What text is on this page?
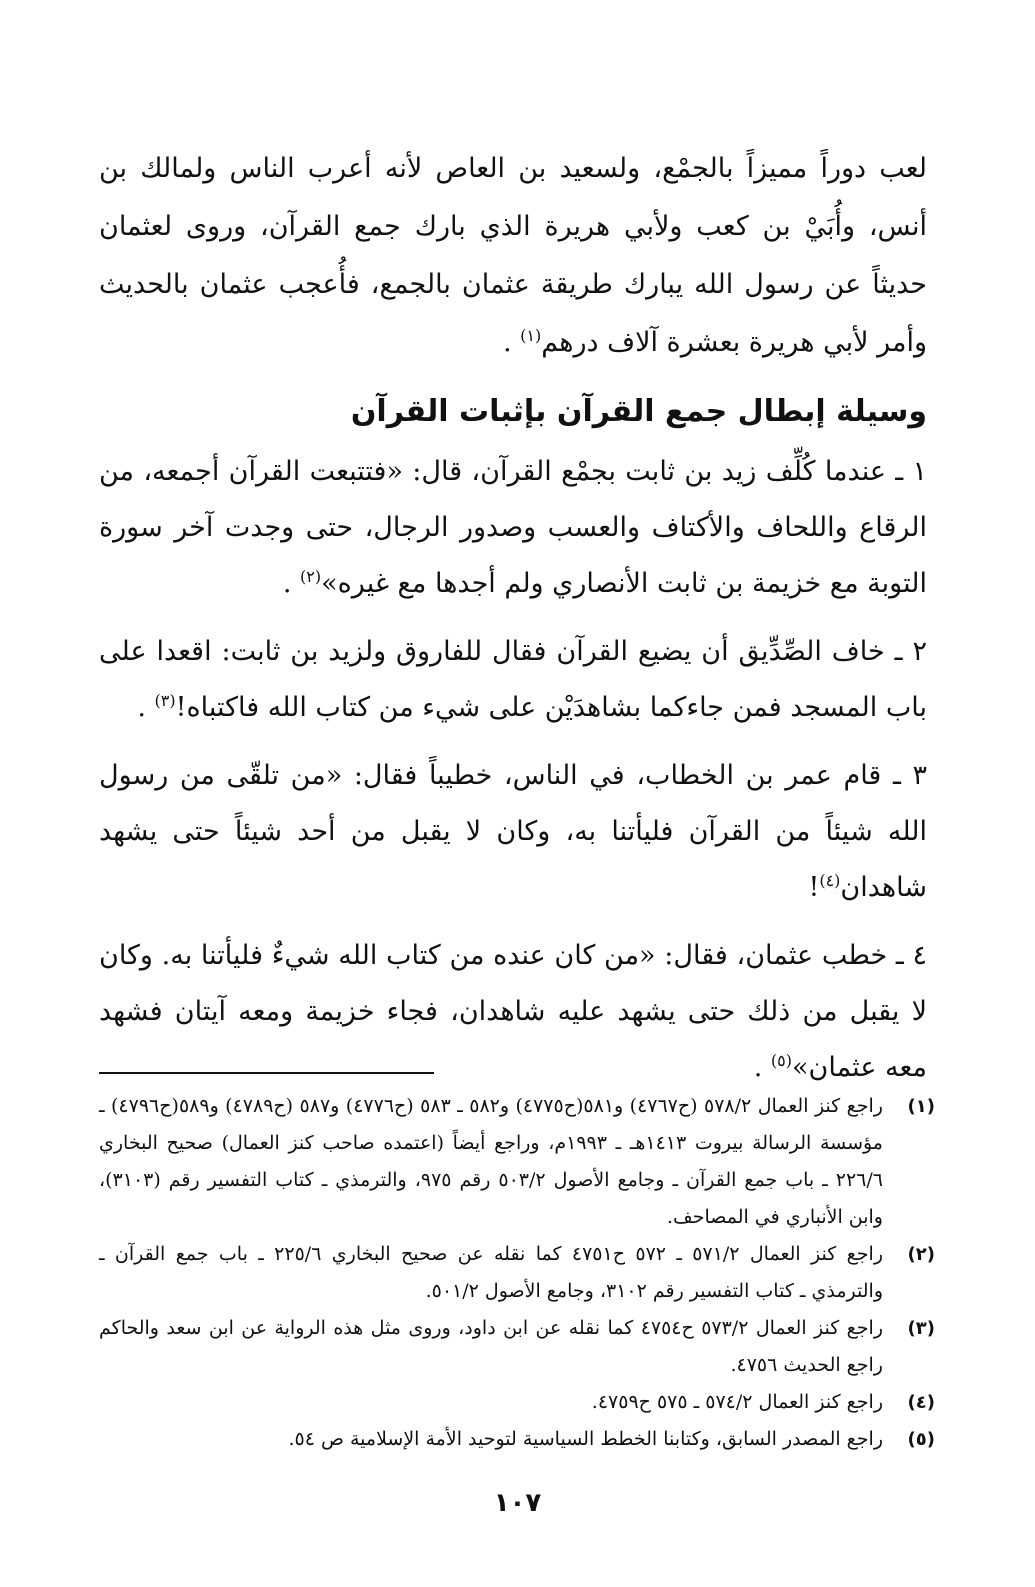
لعب دوراً مميزاً بالجمْع، ولسعيد بن العاص لأنه أعرب الناس ولمالك بن أنس، وأُبَيْ بن كعب ولأبي هريرة الذي بارك جمع القرآن، وروى لعثمان حديثاً عن رسول الله يبارك طريقة عثمان بالجمع، فأُعجب عثمان بالحديث وأمر لأبي هريرة بعشرة آلاف درهم$^{(١)}$ .

وسيلة إبطال جمع القرآن بإثبات القرآن

١ ـ عندما كُلِّف زيد بن ثابت بجمْع القرآن، قال: «فتتبعت القرآن أجمعه، من الرقاع واللحاف والأكتاف والعسب وصدور الرجال، حتى وجدت آخر سورة التوبة مع خزيمة بن ثابت الأنصاري ولم أجدها مع غيره»$^{(٢)}$ .

٢ ـ خاف الصِّدِّيق أن يضيع القرآن فقال للفاروق ولزيد بن ثابت: اقعدا على باب المسجد فمن جاءكما بشاهدَيْن على شيء من كتاب الله فاكتباه!$^{(٣)}$ .

٣ ـ قام عمر بن الخطاب، في الناس، خطيباً فقال: «من تلقّى من رسول الله شيئاً من القرآن فليأتنا به، وكان لا يقبل من أحد شيئاً حتى يشهد شاهدان$^{(٤)}$!

٤ ـ خطب عثمان، فقال: «من كان عنده من كتاب الله شيءٌ فليأتنا به. وكان لا يقبل من ذلك حتى يشهد عليه شاهدان، فجاء خزيمة ومعه آيتان فشهد معه عثمان»$^{(٥)}$ .

(١)
راجع كنز العمال ٥٧٨/٢ (ح٤٧٦٧) و٥٨١(ح٤٧٧٥) و٥٨٢ ـ ٥٨٣ (ح٤٧٧٦) و٥٨٧ (ح٤٧٨٩) و٥٨٩(ح٤٧٩٦) ـ مؤسسة الرسالة بيروت ١٤١٣هـ ـ ١٩٩٣م، وراجع أيضاً (اعتمده صاحب كنز العمال) صحيح البخاري ٢٢٦/٦ ـ باب جمع القرآن ـ وجامع الأصول ٥٠٣/٢ رقم ٩٧٥، والترمذي ـ كتاب التفسير رقم (٣١٠٣)، وابن الأنباري في المصاحف.
(٢)
راجع كنز العمال ٥٧١/٢ ـ ٥٧٢ ح٤٧٥١ كما نقله عن صحيح البخاري ٢٢٥/٦ ـ باب جمع القرآن ـ والترمذي ـ كتاب التفسير رقم ٣١٠٢، وجامع الأصول ٥٠١/٢.
(٣)
راجع كنز العمال ٥٧٣/٢ ح٤٧٥٤ كما نقله عن ابن داود، وروى مثل هذه الرواية عن ابن سعد والحاكم راجع الحديث ٤٧٥٦.
(٤)
راجع كنز العمال ٥٧٤/٢ ـ ٥٧٥ ح٤٧٥٩.
(٥)
راجع المصدر السابق، وكتابنا الخطط السياسية لتوحيد الأمة الإسلامية ص ٥٤.
١٠٧
